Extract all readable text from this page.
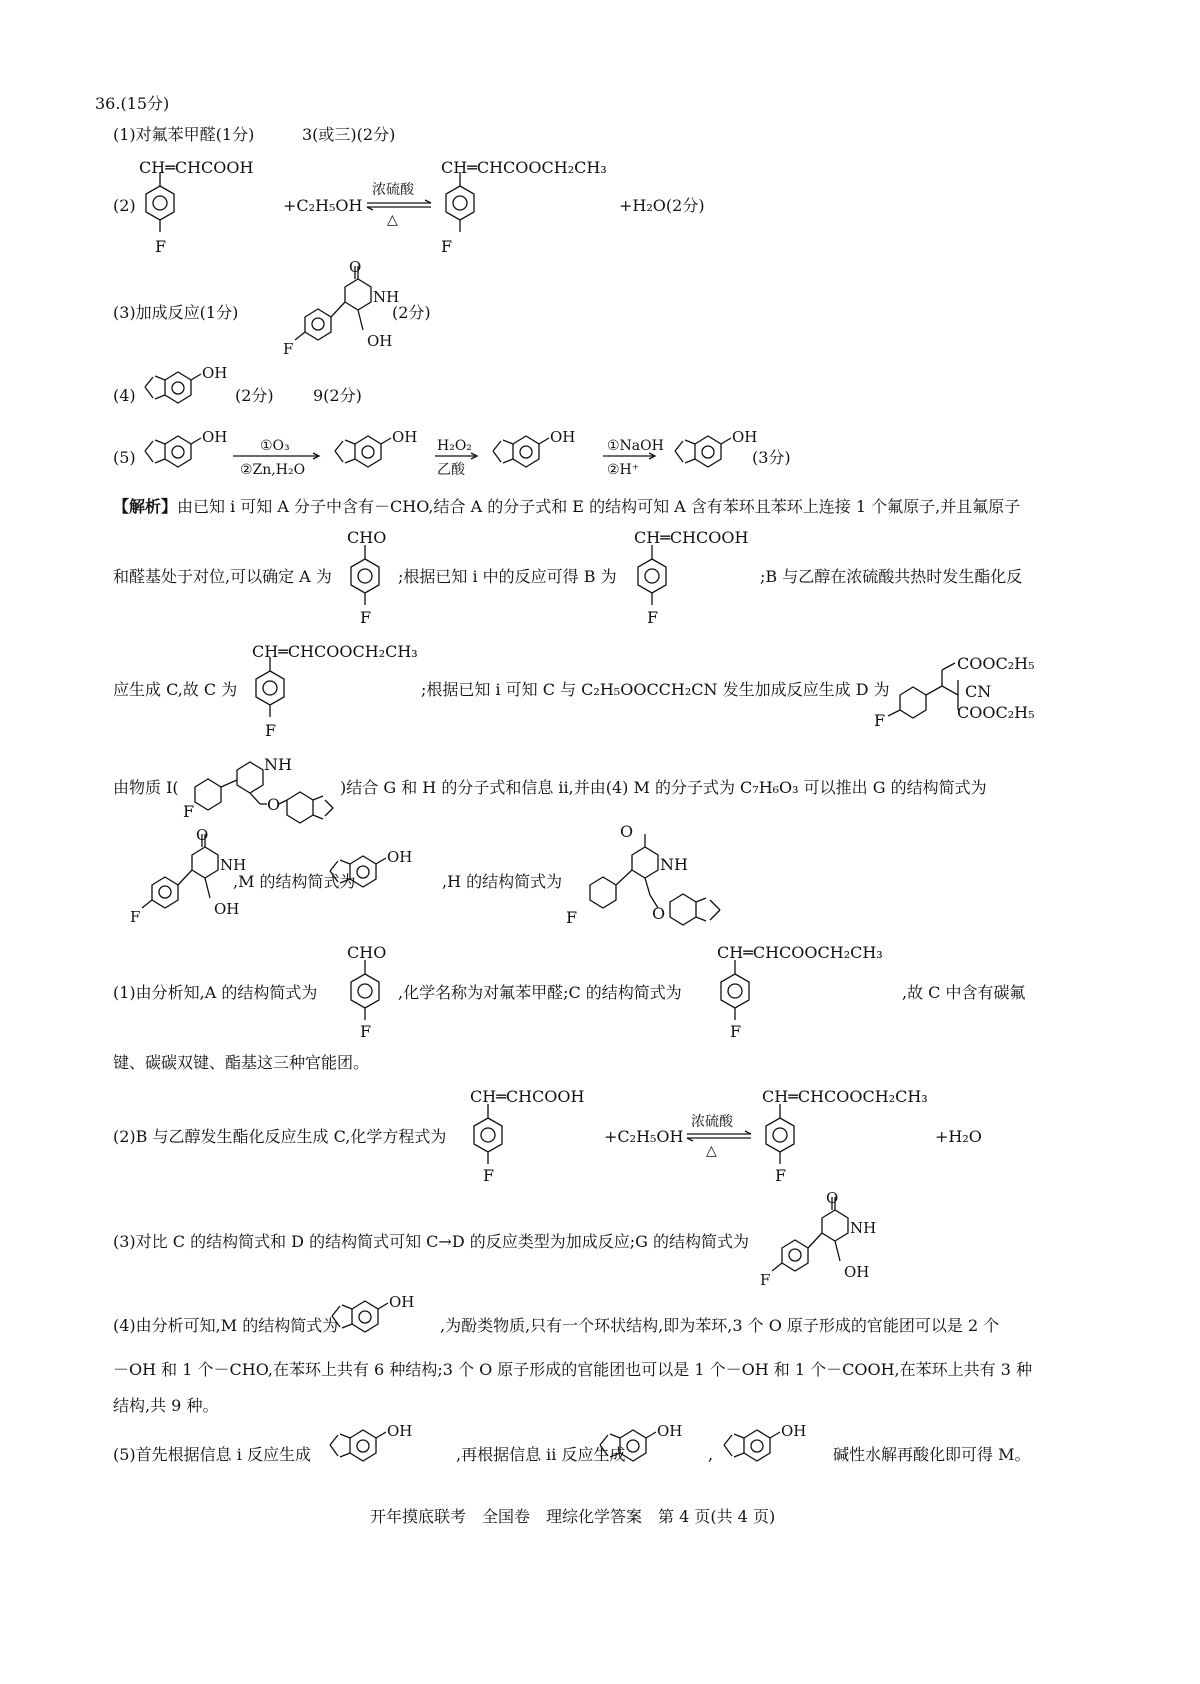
36.(15分)
(1)对氟苯甲醛(1分)	3(或三)(2分)
CH═CHCOOH
(2)	+C₂H₅OH
浓硫酸
△
CH═CHCOOCH₂CH₃
+H₂O(2分)
F	F
(3)加成反应(1分)	(2分)
(4)	(2分) 9(2分)
(5)
①O₃
②Zn,H₂O
H₂O₂
乙酸
①NaOH
②H⁺
(3分)
【解析】由已知 i 可知 A 分子中含有－CHO,结合 A 的分子式和 E 的结构可知 A 含有苯环且苯环上连接 1 个氟原子,并且氟原子
和醛基处于对位,可以确定 A 为	;根据已知 i 中的反应可得 B 为	;B 与乙醇在浓硫酸共热时发生酯化反
应生成 C,故 C 为	;根据已知 i 可知 C 与 C₂H₅OOCCH₂CN 发生加成反应生成 D 为
由物质 I(	)结合 G 和 H 的分子式和信息 ii,并由(4) M 的分子式为 C₇H₆O₃ 可以推出 G 的结构简式为
,M 的结构简式为	,H 的结构简式为
(1)由分析知,A 的结构简式为	,化学名称为对氟苯甲醛;C 的结构简式为	,故 C 中含有碳氟
键、碳碳双键、酯基这三种官能团。
(2)B 与乙醇发生酯化反应生成 C,化学方程式为	+C₂H₅OH
浓硫酸
△
+H₂O
(3)对比 C 的结构简式和 D 的结构简式可知 C→D 的反应类型为加成反应;G 的结构简式为
(4)由分析可知,M 的结构简式为	,为酚类物质,只有一个环状结构,即为苯环,3 个 O 原子形成的官能团可以是 2 个
－OH 和 1 个－CHO,在苯环上共有 6 种结构;3 个 O 原子形成的官能团也可以是 1 个－OH 和 1 个－COOH,在苯环上共有 3 种
结构,共 9 种。
(5)首先根据信息 i 反应生成	,再根据信息 ii 反应生成	,	碱性水解再酸化即可得 M。
开年摸底联考　全国卷　理综化学答案　第 4 页(共 4 页)
O
NH
OH
F
OH
OH	OH	OH	OH
CHO
F
CH═CHCOOH
F
CH═CHCOOCH₂CH₃
F
F
COOC₂H₅
CN
COOC₂H₅
F
NH
O
O
NH
OH
F
OH
F
O
NH
O
CHO
F
CH═CHCOOCH₂CH₃
F
CH═CHCOOH
F
CH═CHCOOCH₂CH₃
F
O
NH
OH
F
OH
OH	OH	OH
